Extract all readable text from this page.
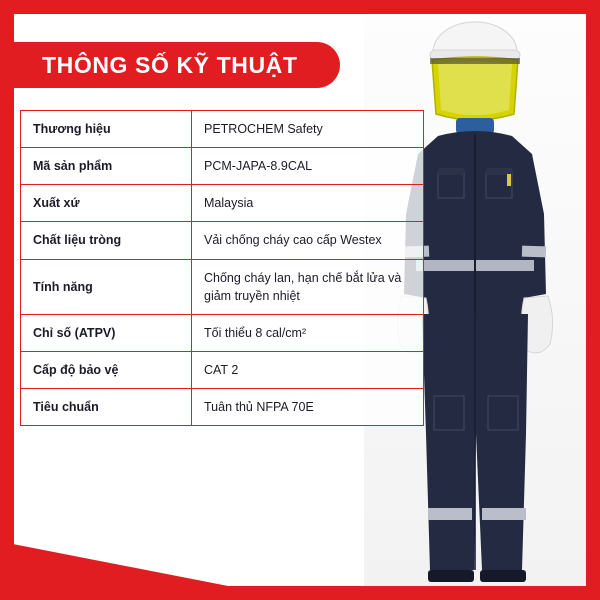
THÔNG SỐ KỸ THUẬT
Thương hiệu	PETROCHEM Safety
Mã sản phẩm	PCM-JAPA-8.9CAL
Xuất xứ	Malaysia
Chất liệu tròng	Vải chống cháy cao cấp Westex
Tính năng	Chống cháy lan, hạn chế bắt lửa và giảm truyền nhiệt
Chỉ số (ATPV)	Tối thiểu 8 cal/cm²
Cấp độ bảo vệ	CAT 2
Tiêu chuẩn	Tuân thủ NFPA 70E
